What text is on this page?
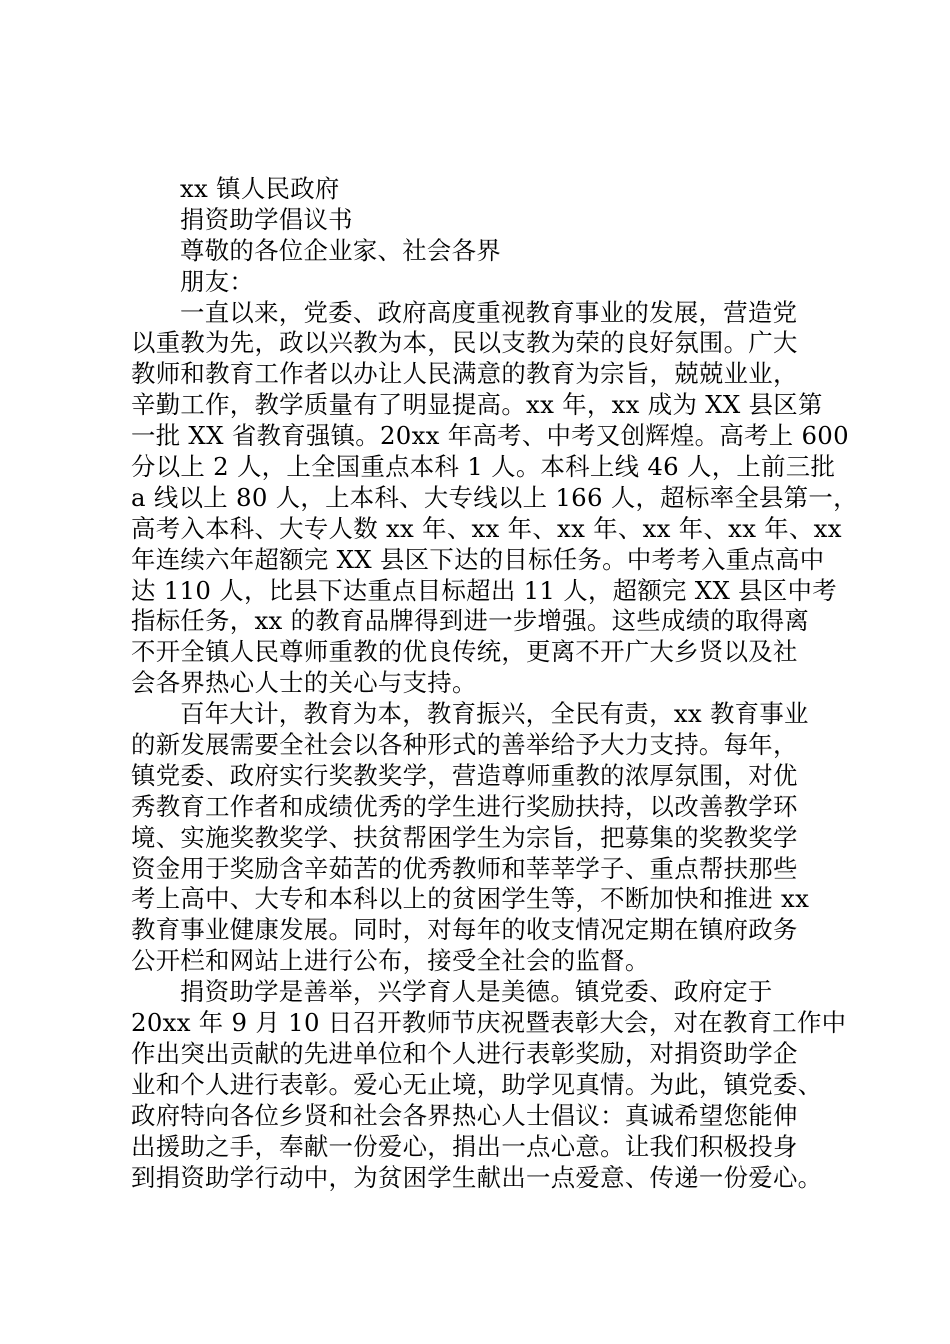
xx 镇人民政府
捐资助学倡议书
尊敬的各位企业家、社会各界
朋友：
一直以来，党委、政府高度重视教育事业的发展，营造党
以重教为先，政以兴教为本，民以支教为荣的良好氛围。广大
教师和教育工作者以办让人民满意的教育为宗旨，兢兢业业，
辛勤工作，教学质量有了明显提高。xx 年，xx 成为 XX 县区第
一批 XX 省教育强镇。20xx 年高考、中考又创辉煌。高考上 600
分以上 2 人，上全国重点本科 1 人。本科上线 46 人，上前三批
a 线以上 80 人，上本科、大专线以上 166 人，超标率全县第一，
高考入本科、大专人数 xx 年、xx 年、xx 年、xx 年、xx 年、xx
年连续六年超额完 XX 县区下达的目标任务。中考考入重点高中
达 110 人，比县下达重点目标超出 11 人，超额完 XX 县区中考
指标任务，xx 的教育品牌得到进一步增强。这些成绩的取得离
不开全镇人民尊师重教的优良传统，更离不开广大乡贤以及社
会各界热心人士的关心与支持。
百年大计，教育为本，教育振兴，全民有责，xx 教育事业
的新发展需要全社会以各种形式的善举给予大力支持。每年，
镇党委、政府实行奖教奖学，营造尊师重教的浓厚氛围，对优
秀教育工作者和成绩优秀的学生进行奖励扶持，以改善教学环
境、实施奖教奖学、扶贫帮困学生为宗旨，把募集的奖教奖学
资金用于奖励含辛茹苦的优秀教师和莘莘学子、重点帮扶那些
考上高中、大专和本科以上的贫困学生等，不断加快和推进 xx
教育事业健康发展。同时，对每年的收支情况定期在镇府政务
公开栏和网站上进行公布，接受全社会的监督。
捐资助学是善举，兴学育人是美德。镇党委、政府定于
20xx 年 9 月 10 日召开教师节庆祝暨表彰大会，对在教育工作中
作出突出贡献的先进单位和个人进行表彰奖励，对捐资助学企
业和个人进行表彰。爱心无止境，助学见真情。为此，镇党委、
政府特向各位乡贤和社会各界热心人士倡议：真诚希望您能伸
出援助之手，奉献一份爱心，捐出一点心意。让我们积极投身
到捐资助学行动中，为贫困学生献出一点爱意、传递一份爱心。
